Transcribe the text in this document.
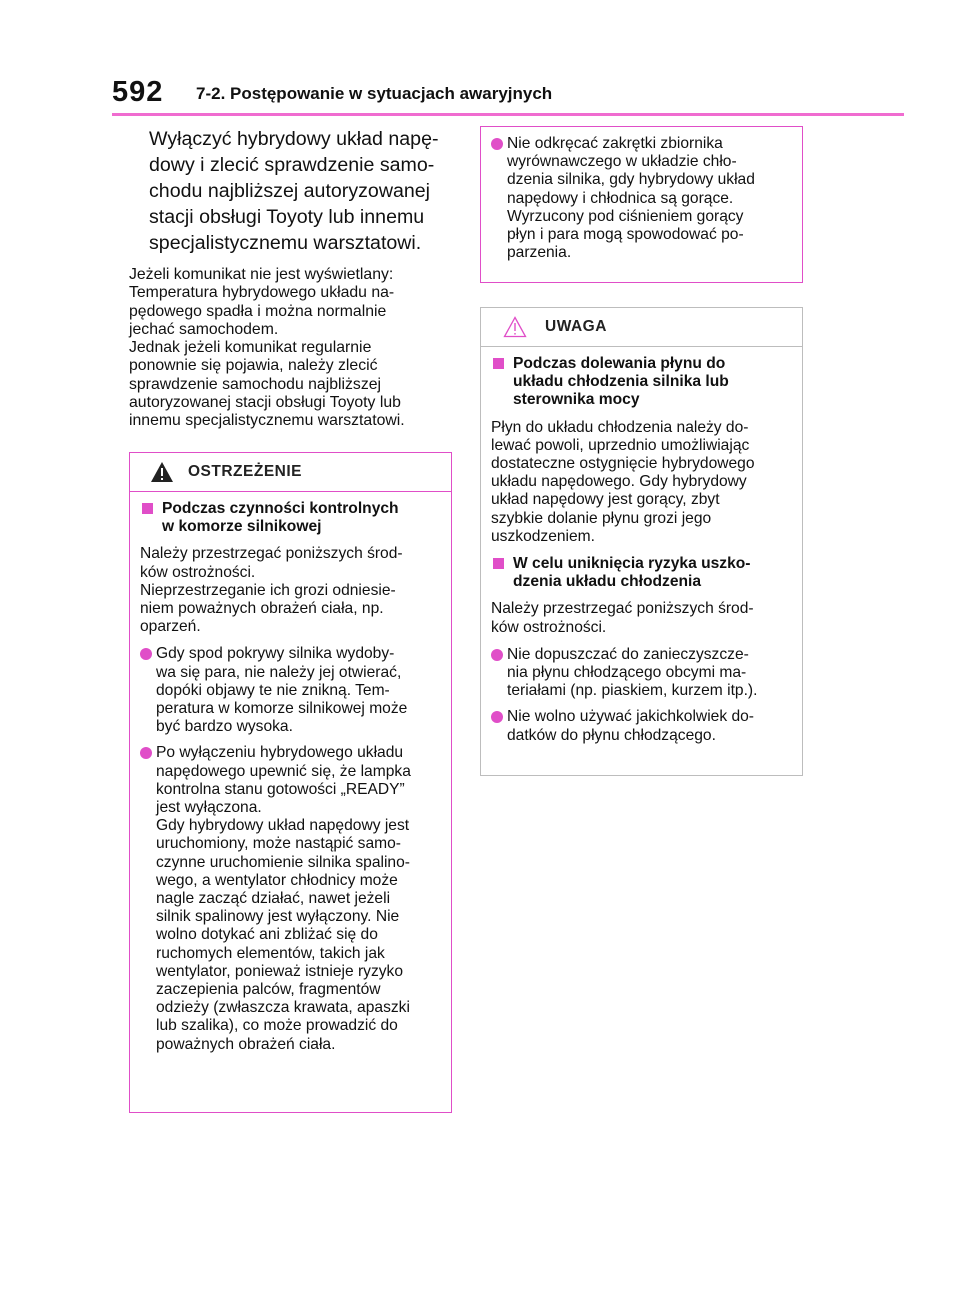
592 7-2. Postępowanie w sytuacjach awaryjnych
Wyłączyć hybrydowy układ napę-
dowy i zlecić sprawdzenie samo-
chodu najbliższej autoryzowanej
stacji obsługi Toyoty lub innemu
specjalistycznemu warsztatowi.
Jeżeli komunikat nie jest wyświetlany:
Temperatura hybrydowego układu na-
pędowego spadła i można normalnie
jechać samochodem.
Jednak jeżeli komunikat regularnie
ponownie się pojawia, należy zlecić
sprawdzenie samochodu najbliższej
autoryzowanej stacji obsługi Toyoty lub
innemu specjalistycznemu warsztatowi.
OSTRZEŻENIE
Podczas czynności kontrolnych
w komorze silnikowej
Należy przestrzegać poniższych środ-
ków ostrożności.
Nieprzestrzeganie ich grozi odniesie-
niem poważnych obrażeń ciała, np.
oparzeń.
Gdy spod pokrywy silnika wydoby-
wa się para, nie należy jej otwierać,
dopóki objawy te nie znikną. Tem-
peratura w komorze silnikowej może
być bardzo wysoka.
Po wyłączeniu hybrydowego układu
napędowego upewnić się, że lampka
kontrolna stanu gotowości „READY”
jest wyłączona.
Gdy hybrydowy układ napędowy jest
uruchomiony, może nastąpić samo-
czynne uruchomienie silnika spalino-
wego, a wentylator chłodnicy może
nagle zacząć działać, nawet jeżeli
silnik spalinowy jest wyłączony. Nie
wolno dotykać ani zbliżać się do
ruchomych elementów, takich jak
wentylator, ponieważ istnieje ryzyko
zaczepienia palców, fragmentów
odzieży (zwłaszcza krawata, apaszki
lub szalika), co może prowadzić do
poważnych obrażeń ciała.
Nie odkręcać zakrętki zbiornika
wyrównawczego w układzie chło-
dzenia silnika, gdy hybrydowy układ
napędowy i chłodnica są gorące.
Wyrzucony pod ciśnieniem gorący
płyn i para mogą spowodować po-
parzenia.
UWAGA
Podczas dolewania płynu do
układu chłodzenia silnika lub
sterownika mocy
Płyn do układu chłodzenia należy do-
lewać powoli, uprzednio umożliwiając
dostateczne ostygnięcie hybrydowego
układu napędowego. Gdy hybrydowy
układ napędowy jest gorący, zbyt
szybkie dolanie płynu grozi jego
uszkodzeniem.
W celu uniknięcia ryzyka uszko-
dzenia układu chłodzenia
Należy przestrzegać poniższych środ-
ków ostrożności.
Nie dopuszczać do zanieczyszcze-
nia płynu chłodzącego obcymi ma-
teriałami (np. piaskiem, kurzem itp.).
Nie wolno używać jakichkolwiek do-
datków do płynu chłodzącego.
